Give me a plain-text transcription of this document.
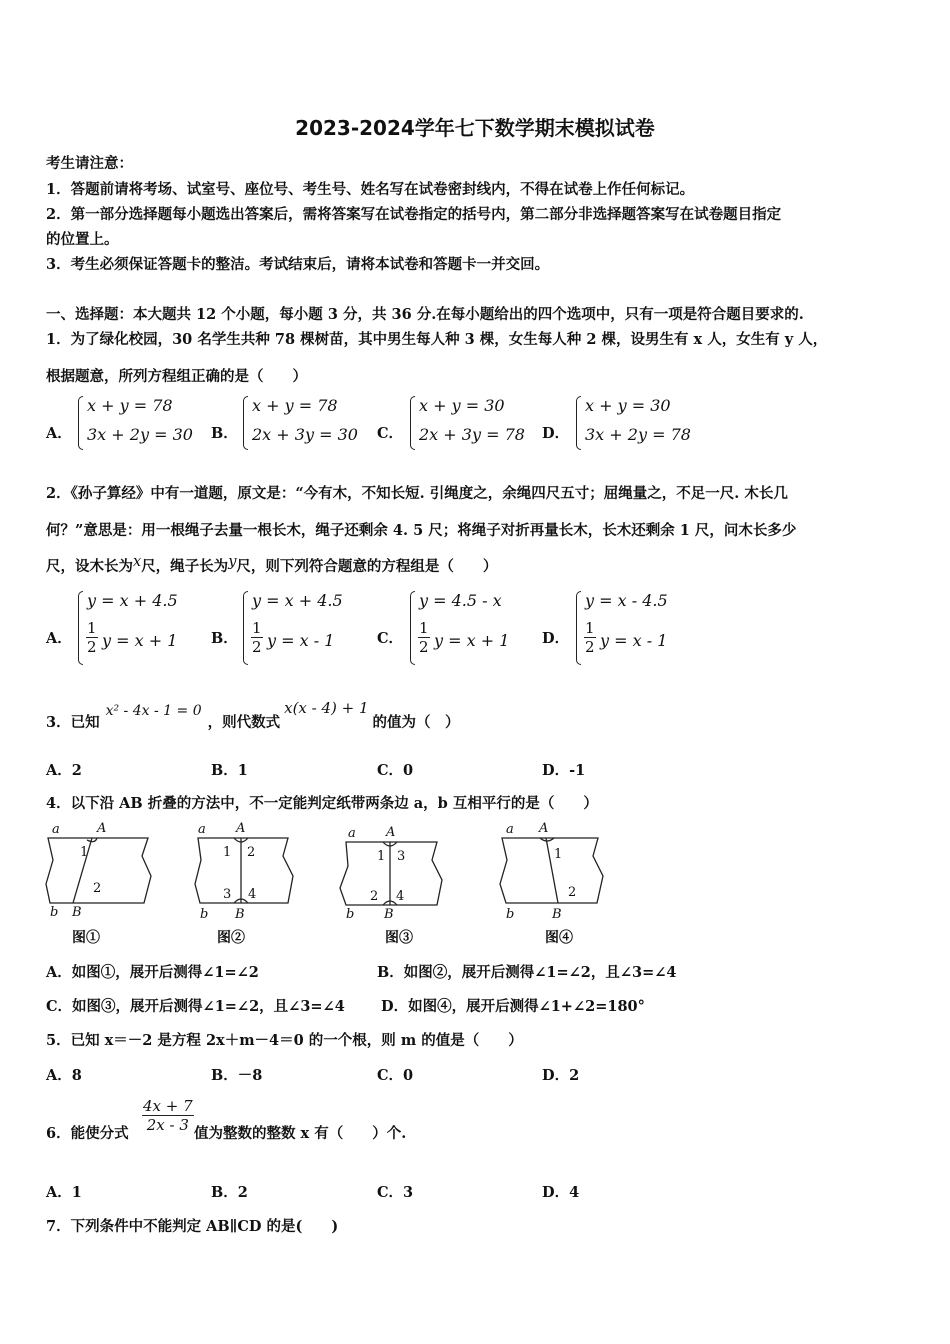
2023-2024学年七下数学期末模拟试卷
考生请注意：
1．答题前请将考场、试室号、座位号、考生号、姓名写在试卷密封线内，不得在试卷上作任何标记。
2．第一部分选择题每小题选出答案后，需将答案写在试卷指定的括号内，第二部分非选择题答案写在试卷题目指定
的位置上。
3．考生必须保证答题卡的整洁。考试结束后，请将本试卷和答题卡一并交回。
一、选择题：本大题共 12 个小题，每小题 3 分，共 36 分.在每小题给出的四个选项中，只有一项是符合题目要求的.
1．为了绿化校园，30 名学生共种 78 棵树苗，其中男生每人种 3 棵，女生每人种 2 棵，设男生有 x 人，女生有 y 人，
根据题意，所列方程组正确的是（　　）
A．
x + y = 78
3x + 2y = 30 B．
x + y = 78
2x + 3y = 30 C．
x + y = 30
2x + 3y = 78 D．
x + y = 30
3x + 2y = 78
2．《孙子算经》中有一道题，原文是：“今有木，不知长短. 引绳度之，余绳四尺五寸；屈绳量之，不足一尺. 木长几
何？”意思是：用一根绳子去量一根长木，绳子还剩余 4. 5 尺；将绳子对折再量长木，长木还剩余 1 尺，问木长多少
尺，设木长为x尺，绳子长为y尺，则下列符合题意的方程组是（　　）
A．
y = x + 4.5
$\frac{1}{2}$ y = x + 1 B．
y = x + 4.5
$\frac{1}{2}$ y = x - 1	C．
y = 4.5 - x
$\frac{1}{2}$ y = x + 1 D．
y = x - 4.5
$\frac{1}{2}$ y = x - 1
3．已知x² - 4x - 1 = 0，则代数式x(x - 4) + 1的值为（　）
A．2	B．1	C．0	D．-1
4．以下沿 AB 折叠的方法中，不一定能判定纸带两条边 a，b 互相平行的是（　　）
a	A
1
2
b B
a A
1 2
3 4
b B
a A
1 3
2 4
b B
a A
1
2
b	B
图①	图②	图③	图④
A．如图①，展开后测得∠1=∠2	B．如图②，展开后测得∠1=∠2，且∠3=∠4
C．如图③，展开后测得∠1=∠2，且∠3=∠4 D．如图④，展开后测得∠1+∠2=180°
5．已知 x＝－2 是方程 2x＋m－4＝0 的一个根，则 m 的值是（　　）
A．8	B．－8	C．0	D．2
6．能使分式 $\frac{4x + 7}{2x - 3}$ 值为整数的整数 x 有（　　）个.
A．1	B．2	C．3	D．4
7．下列条件中不能判定 AB∥CD 的是(　　)
